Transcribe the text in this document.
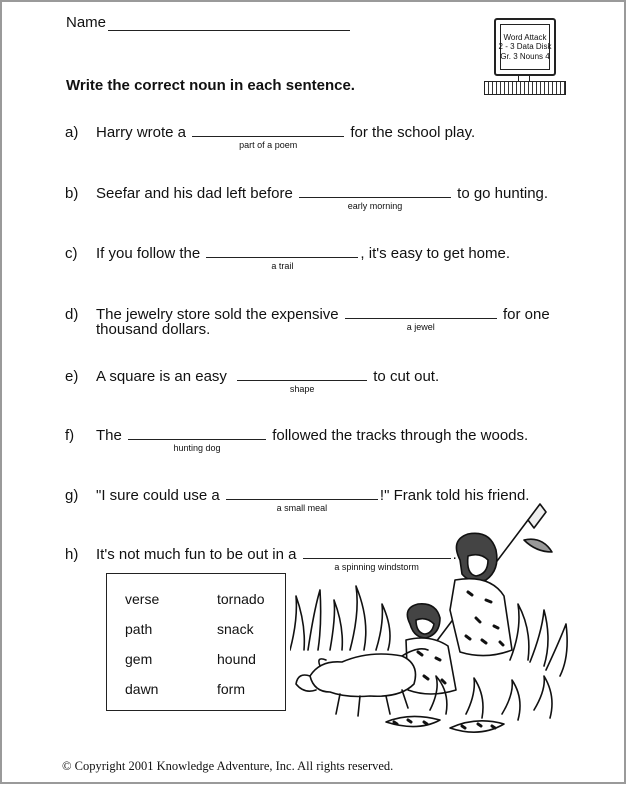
Name
Word Attack
2 - 3 Data Disk
Gr. 3 Nouns 4
Write the correct noun in each sentence.
a) Harry wrote a
part of a poem
for the school play.
b) Seefar and his dad left before
early morning
to go hunting.
c) If you follow the
a trail
, it's easy to get home.
d) The jewelry store sold the expensive
a jewel
for one
thousand dollars.
e) A square is an easy
shape
to cut out.
f) The
hunting dog
followed the tracks through the woods.
g) "I sure could use a
a small meal
!" Frank told his friend.
h) It's not much fun to be out in a
a spinning windstorm
.
verse	tornado
path	snack
gem	hound
dawn	form
© Copyright 2001 Knowledge Adventure, Inc. All rights reserved.
